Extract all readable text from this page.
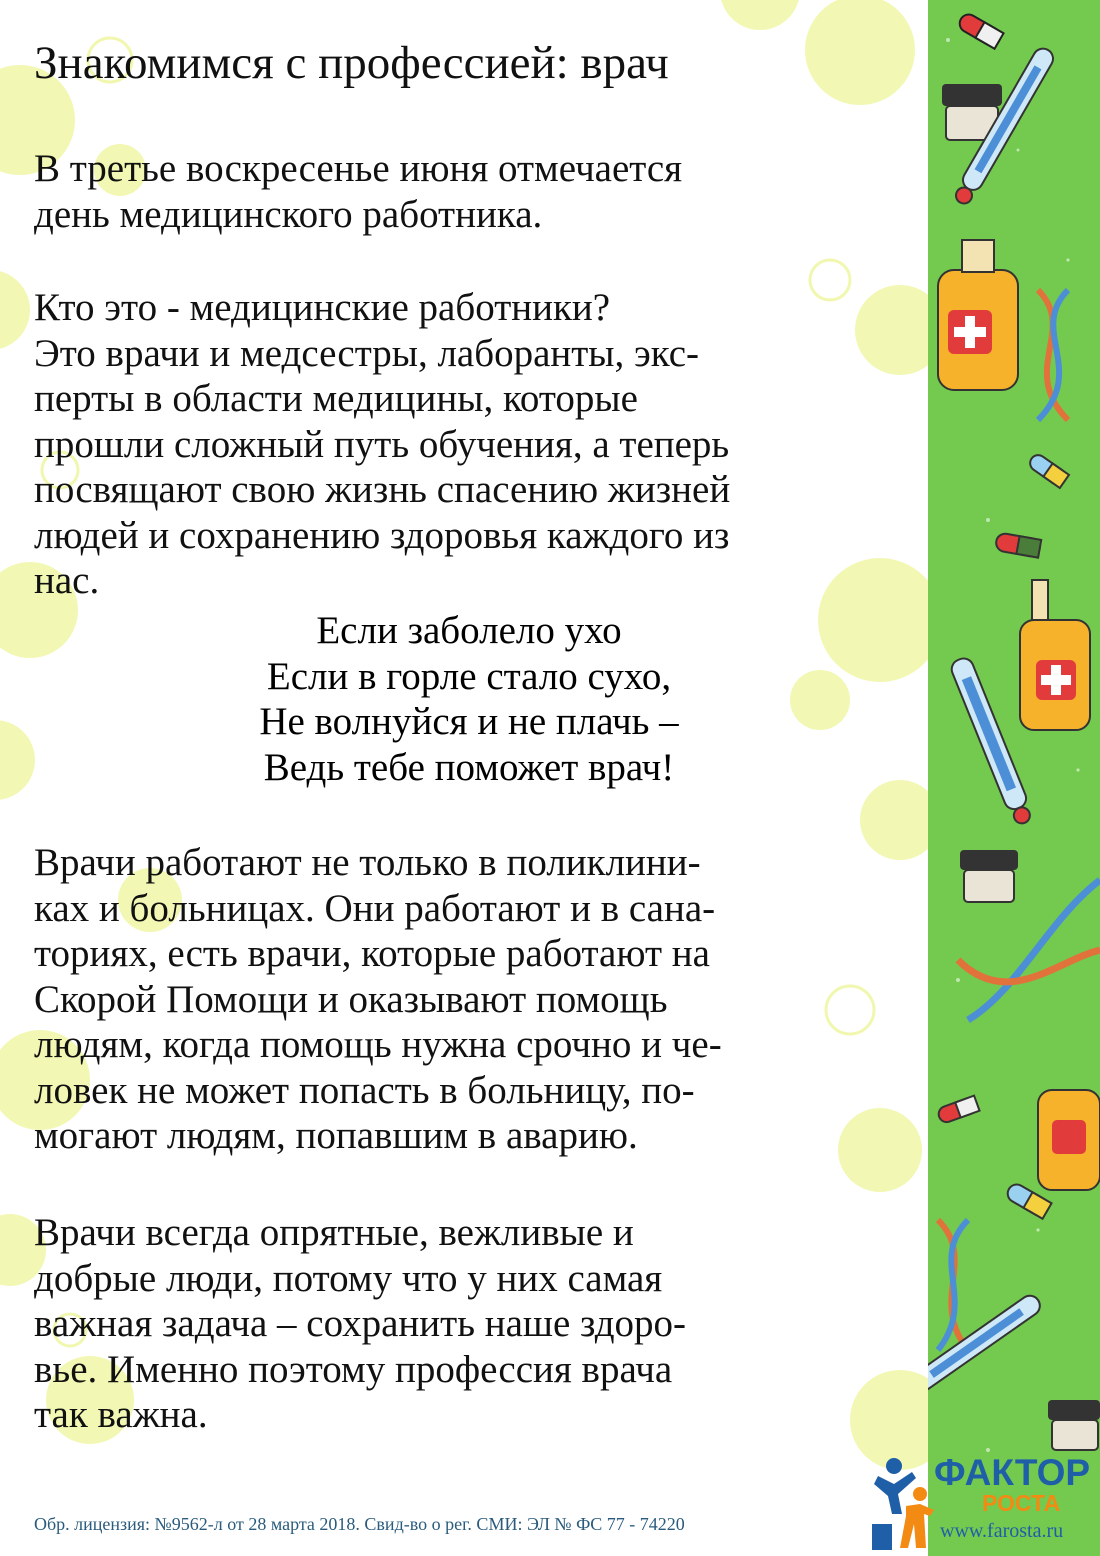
Знакомимся с профессией: врач

В третье воскресенье июня отмечается
день медицинского работника.

Кто это - медицинские работники?
Это врачи и медсестры, лаборанты, экс-
перты в области медицины, которые
прошли сложный путь обучения, а теперь
посвящают свою жизнь спасению жизней
людей и сохранению здоровья каждого из
нас.

Если заболело ухо
Если в горле стало сухо,
Не волнуйся и не плачь –
Ведь тебе поможет врач!

Врачи работают не только в поликлини-
ках и больницах. Они работают и в сана-
ториях, есть врачи, которые работают на
Скорой Помощи и оказывают помощь
людям, когда помощь нужна срочно и че-
ловек не может попасть в больницу, по-
могают людям, попавшим в аварию.

Врачи всегда опрятные, вежливые и
добрые люди, потому что у них самая
важная задача – сохранить наше здоро-
вье. Именно поэтому профессия врача
так важна.

Обр. лицензия: №9562-л от 28 марта 2018. Свид-во о рег. СМИ: ЭЛ № ФС 77 - 74220
ФАКТОР
РОСТА
www.farosta.ru
